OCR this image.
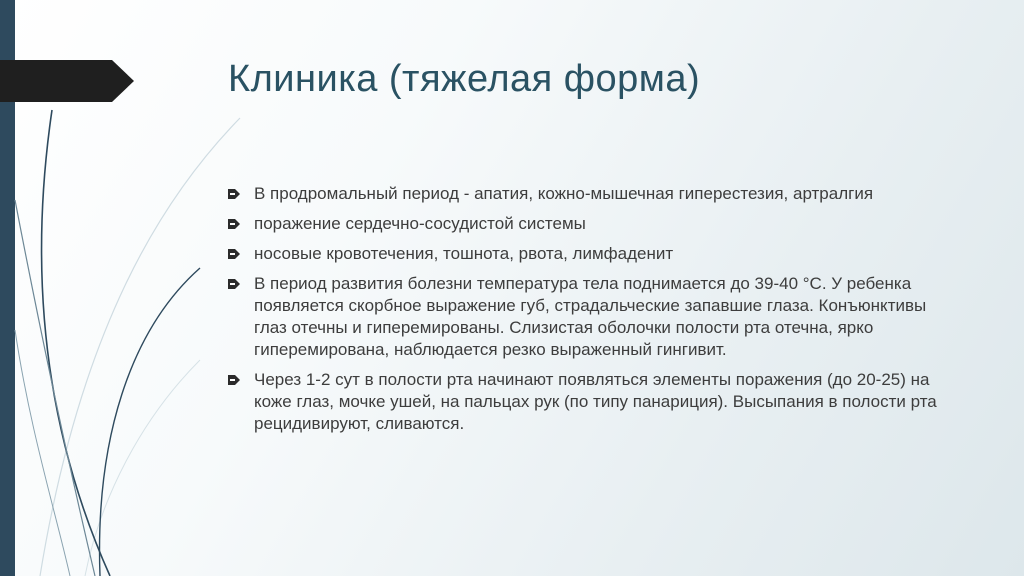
Клиника (тяжелая форма)
В продромальный период - апатия, кожно-мышечная гиперестезия, артралгия
поражение сердечно-сосудистой системы
носовые кровотечения, тошнота, рвота, лимфаденит
В период развития болезни температура тела поднимается до 39-40 °С. У ребенка появляется скорбное выражение губ, страдальческие запавшие глаза. Конъюнктивы глаз отечны и гиперемированы. Слизистая оболочки полости рта отечна, ярко гиперемирована, наблюдается резко выраженный гингивит.
Через 1-2 сут в полости рта начинают появляться элементы поражения (до 20-25) на коже глаз, мочке ушей, на пальцах рук (по типу панариция). Высыпания в полости рта рецидивируют, сливаются.
